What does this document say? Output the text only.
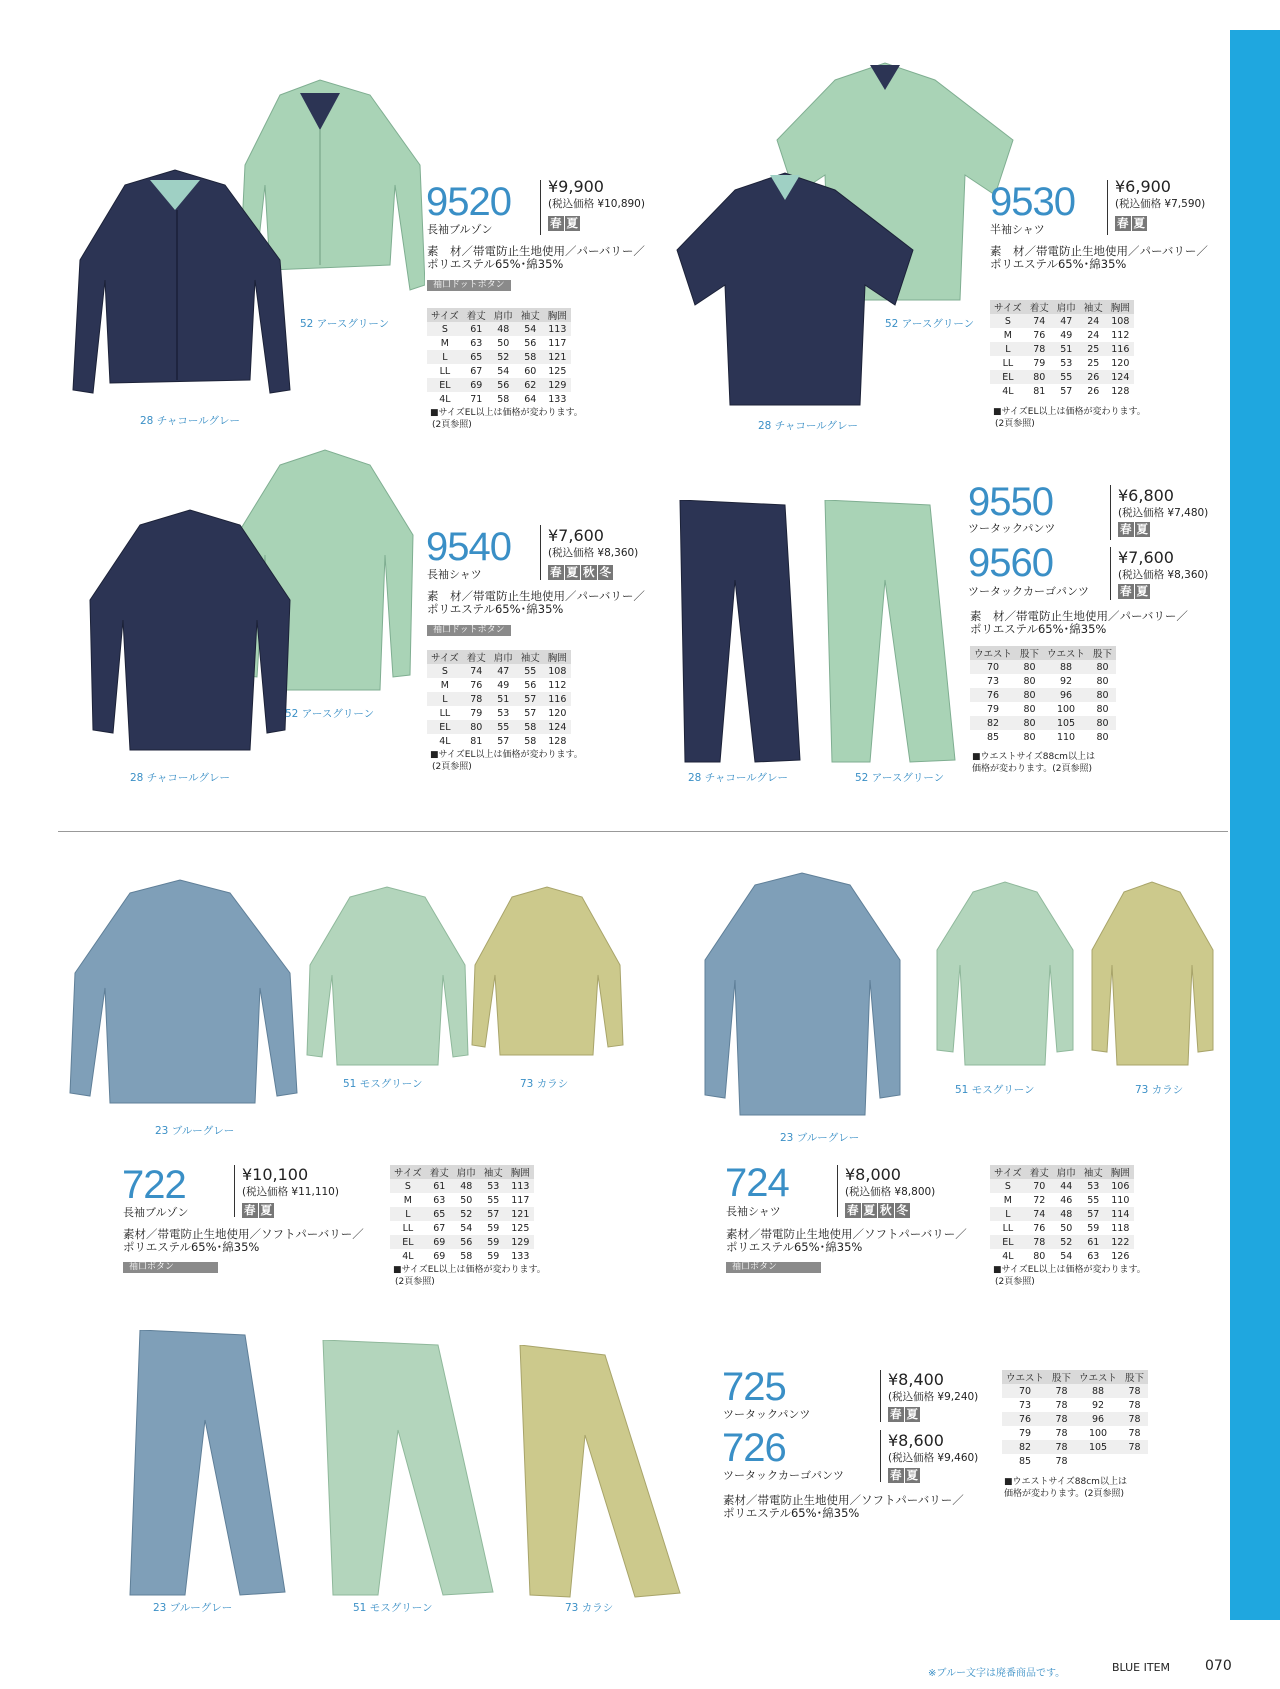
52 アースグリーン
28 チャコールグレー
9520
長袖ブルゾン
¥9,900
(税込価格 ¥10,890)
春 夏
素　材／帯電防止生地使用／パーバリー／
ポリエステル65%･綿35%
袖口ドットボタン
サイズ	着丈	肩巾	袖丈	胸囲
S	61	48	54	113
M	63	50	56	117
L	65	52	58	121
LL	67	54	60	125
EL	69	56	62	129
4L	71	58	64	133
■サイズEL以上は価格が変わります。
(2頁参照)
52 アースグリーン
28 チャコールグレー
9530
半袖シャツ
¥6,900
(税込価格 ¥7,590)
春 夏
素　材／帯電防止生地使用／パーバリー／
ポリエステル65%･綿35%
サイズ	着丈	肩巾	袖丈	胸囲
S	74	47	24	108
M	76	49	24	112
L	78	51	25	116
LL	79	53	25	120
EL	80	55	26	124
4L	81	57	26	128
■サイズEL以上は価格が変わります。
(2頁参照)
52 アースグリーン
28 チャコールグレー
9540
長袖シャツ
¥7,600
(税込価格 ¥8,360)
春 夏 秋 冬
素　材／帯電防止生地使用／パーバリー／
ポリエステル65%･綿35%
袖口ドットボタン
サイズ	着丈	肩巾	袖丈	胸囲
S	74	47	55	108
M	76	49	56	112
L	78	51	57	116
LL	79	53	57	120
EL	80	55	58	124
4L	81	57	58	128
■サイズEL以上は価格が変わります。
(2頁参照)
28 チャコールグレー	52 アースグリーン
9550
ツータックパンツ
¥6,800
(税込価格 ¥7,480)
春 夏
9560
ツータックカーゴパンツ
¥7,600
(税込価格 ¥8,360)
春 夏
素　材／帯電防止生地使用／パーバリー／
ポリエステル65%･綿35%
ウエスト	股下	ウエスト	股下
70	80	88	80
73	80	92	80
76	80	96	80
79	80	100	80
82	80	105	80
85	80	110	80
■ウエストサイズ88cm以上は
価格が変わります。(2頁参照)
23 ブルーグレー
51 モスグリーン	73 カラシ
722
長袖ブルゾン
¥10,100
(税込価格 ¥11,110)
春 夏
素材／帯電防止生地使用／ソフトパーバリー／
ポリエステル65%･綿35%
袖口ボタン
サイズ	着丈	肩巾	袖丈	胸囲
S	61	48	53	113
M	63	50	55	117
L	65	52	57	121
LL	67	54	59	125
EL	69	56	59	129
4L	69	58	59	133
■サイズEL以上は価格が変わります。
(2頁参照)
23 ブルーグレー
51 モスグリーン	73 カラシ
724
長袖シャツ
¥8,000
(税込価格 ¥8,800)
春 夏 秋 冬
素材／帯電防止生地使用／ソフトパーバリー／
ポリエステル65%･綿35%
袖口ボタン
サイズ	着丈	肩巾	袖丈	胸囲
S	70	44	53	106
M	72	46	55	110
L	74	48	57	114
LL	76	50	59	118
EL	78	52	61	122
4L	80	54	63	126
■サイズEL以上は価格が変わります。
(2頁参照)
23 ブルーグレー	51 モスグリーン	73 カラシ
725
ツータックパンツ
¥8,400
(税込価格 ¥9,240)
春 夏
726
ツータックカーゴパンツ
¥8,600
(税込価格 ¥9,460)
春 夏
素材／帯電防止生地使用／ソフトパーバリー／
ポリエステル65%･綿35%
ウエスト	股下	ウエスト	股下
70	78	88	78
73	78	92	78
76	78	96	78
79	78	100	78
82	78	105	78
85	78		
■ウエストサイズ88cm以上は
価格が変わります。(2頁参照)
※ブルー文字は廃番商品です。	BLUE ITEM 070
